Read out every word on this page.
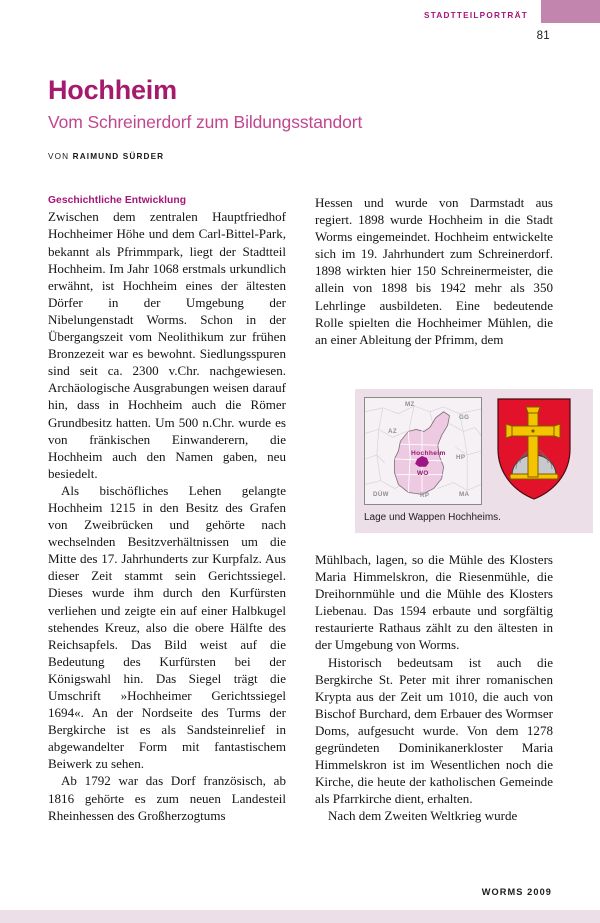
STADTTEILPORTRÄT
81
Hochheim
Vom Schreinerdorf zum Bildungsstandort
VON RAIMUND SÜRDER
Geschichtliche Entwicklung

Zwischen dem zentralen Hauptfriedhof Hochheimer Höhe und dem Carl-Bittel-Park, bekannt als Pfrimmpark, liegt der Stadtteil Hochheim. Im Jahr 1068 erstmals urkundlich erwähnt, ist Hochheim eines der ältesten Dörfer in der Umgebung der Nibelungenstadt Worms. Schon in der Übergangszeit vom Neolithikum zur frühen Bronzezeit war es bewohnt. Siedlungsspuren sind seit ca. 2300 v.Chr. nachgewiesen. Archäologische Ausgrabungen weisen darauf hin, dass in Hochheim auch die Römer Grundbesitz hatten. Um 500 n.Chr. wurde es von fränkischen Einwanderern, die Hochheim auch den Namen gaben, neu besiedelt.

Als bischöfliches Lehen gelangte Hochheim 1215 in den Besitz des Grafen von Zweibrücken und gehörte nach wechselnden Besitzverhältnissen um die Mitte des 17. Jahrhunderts zur Kurpfalz. Aus dieser Zeit stammt sein Gerichtssiegel. Dieses wurde ihm durch den Kurfürsten verliehen und zeigte ein auf einer Halbkugel stehendes Kreuz, also die obere Hälfte des Reichsapfels. Das Bild weist auf die Bedeutung des Kurfürsten bei der Königswahl hin. Das Siegel trägt die Umschrift »Hochheimer Gerichtssiegel 1694«. An der Nordseite des Turms der Bergkirche ist es als Sandsteinrelief in abgewandelter Form mit fantastischem Beiwerk zu sehen.

Ab 1792 war das Dorf französisch, ab 1816 gehörte es zum neuen Landesteil Rheinhessen des Großherzogtums

Hessen und wurde von Darmstadt aus regiert. 1898 wurde Hochheim in die Stadt Worms eingemeindet. Hochheim entwickelte sich im 19. Jahrhundert zum Schreinerdorf. 1898 wirkten hier 150 Schreinermeister, die allein von 1898 bis 1942 mehr als 350 Lehrlinge ausbildeten. Eine bedeutende Rolle spielten die Hochheimer Mühlen, die an einer Ableitung der Pfrimm, dem

MZ
GG
AZ
HP
DÜW	RP	MA
Hochheim
WO
Lage und Wappen Hochheims.

Mühlbach, lagen, so die Mühle des Klosters Maria Himmelskron, die Riesenmühle, die Dreihornmühle und die Mühle des Klosters Liebenau. Das 1594 erbaute und sorgfältig restaurierte Rathaus zählt zu den ältesten in der Umgebung von Worms.

Historisch bedeutsam ist auch die Bergkirche St. Peter mit ihrer romanischen Krypta aus der Zeit um 1010, die auch von Bischof Burchard, dem Erbauer des Wormser Doms, aufgesucht wurde. Von dem 1278 gegründeten Dominikanerkloster Maria Himmelskron ist im Wesentlichen noch die Kirche, die heute der katholischen Gemeinde als Pfarrkirche dient, erhalten.

Nach dem Zweiten Weltkrieg wurde

WORMS 2009
